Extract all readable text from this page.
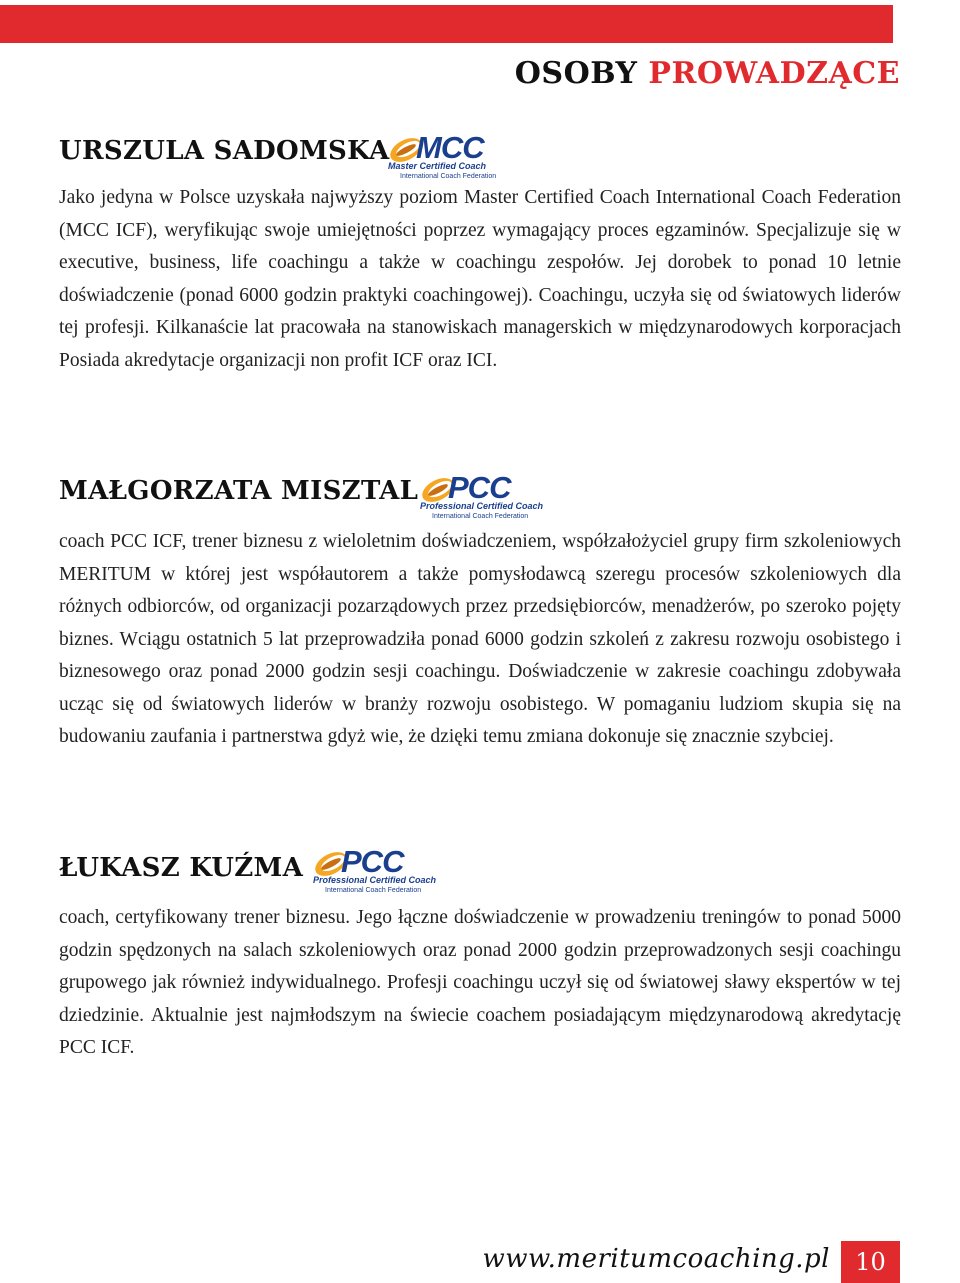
OSOBY PROWADZĄCE
URSZULA SADOMSKA MCC
Master Certified Coach
International Coach Federation

Jako jedyna w Polsce uzyskała najwyższy poziom Master Certified Coach International Coach Federation (MCC ICF), weryfikując swoje umiejętności poprzez wymagający proces egzaminów. Specjalizuje się w executive, business, life coachingu a także w coachingu zespołów. Jej dorobek to ponad 10 letnie doświadczenie (ponad 6000 godzin praktyki coachingowej). Coachingu, uczyła się od światowych liderów tej profesji. Kilkanaście lat pracowała na stanowiskach managerskich w międzynarodowych korporacjach Posiada akredytacje organizacji non profit ICF oraz ICI.

MAŁGORZATA MISZTAL PCC
Professional Certified Coach
International Coach Federation

coach PCC ICF, trener biznesu z wieloletnim doświadczeniem, współzałożyciel grupy firm szkoleniowych MERITUM w której jest współautorem a także pomysłodawcą szeregu procesów szkoleniowych dla różnych odbiorców, od organizacji pozarządowych przez przedsiębiorców, menadżerów, po szeroko pojęty biznes. Wciągu ostatnich 5 lat przeprowadziła ponad 6000 godzin szkoleń z zakresu rozwoju osobistego i biznesowego oraz ponad 2000 godzin sesji coachingu. Doświadczenie w zakresie coachingu zdobywała ucząc się od światowych liderów w branży rozwoju osobistego. W pomaganiu ludziom skupia się na budowaniu zaufania i partnerstwa gdyż wie, że dzięki temu zmiana dokonuje się znacznie szybciej.

ŁUKASZ KUŹMA PCC
Professional Certified Coach
International Coach Federation

coach, certyfikowany trener biznesu. Jego łączne doświadczenie w prowadzeniu treningów to ponad 5000 godzin spędzonych na salach szkoleniowych oraz ponad 2000 godzin przeprowadzonych sesji coachingu grupowego jak również indywidualnego. Profesji coachingu uczył się od światowej sławy ekspertów w tej dziedzinie. Aktualnie jest najmłodszym na świecie coachem posiadającym międzynarodową akredytację PCC ICF.

www.meritumcoaching.pl 10
